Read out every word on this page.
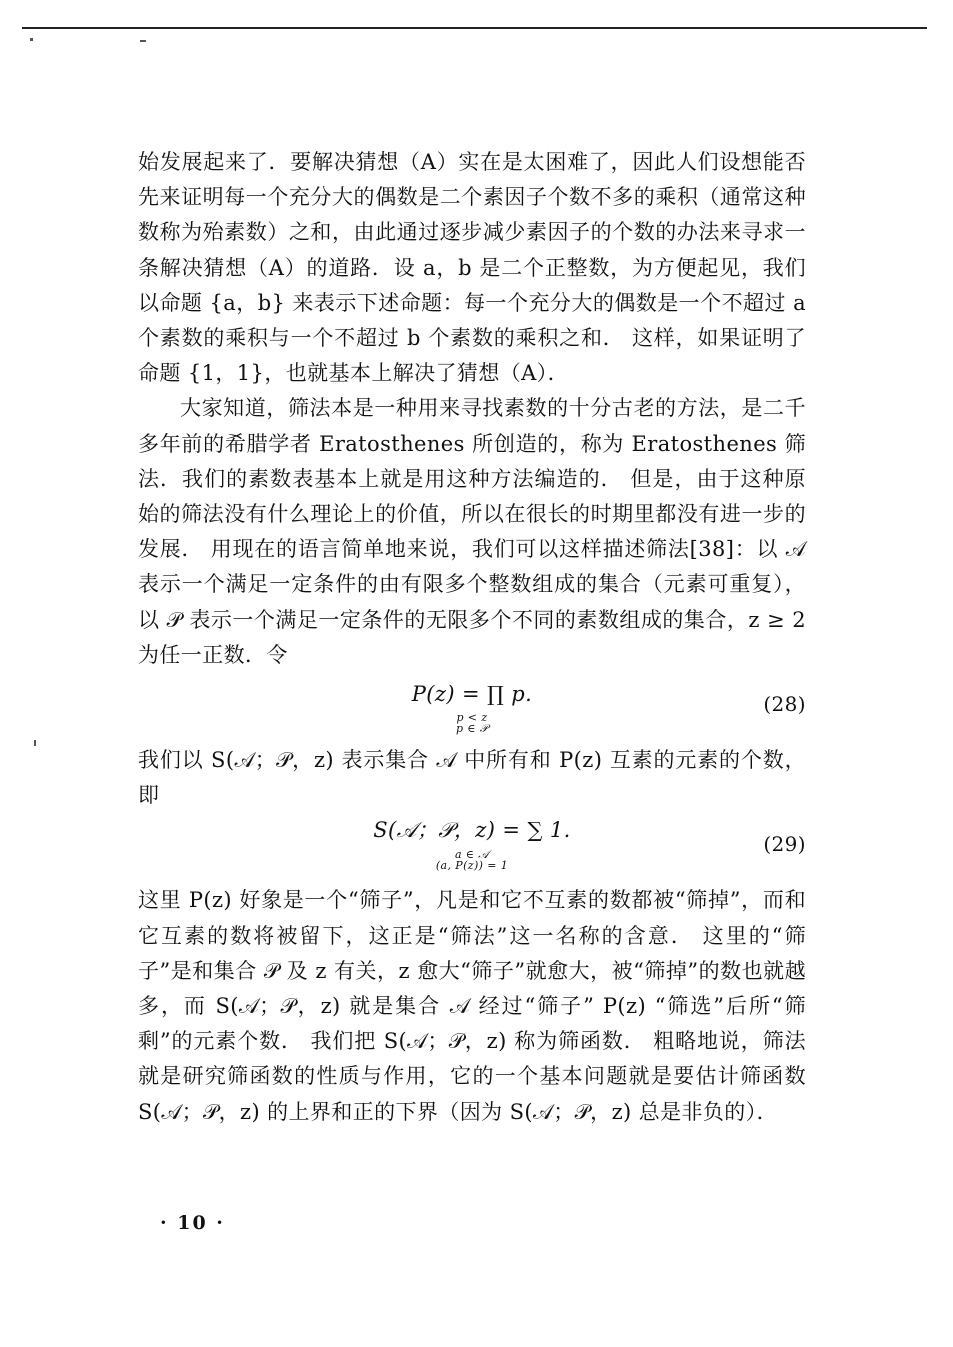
始发展起来了．要解决猜想（A）实在是太困难了，因此人们设想能否先来证明每一个充分大的偶数是二个素因子个数不多的乘积（通常这种数称为殆素数）之和，由此通过逐步减少素因子的个数的办法来寻求一条解决猜想（A）的道路．设 a，b 是二个正整数，为方便起见，我们以命题 {a，b} 来表示下述命题：每一个充分大的偶数是一个不超过 a 个素数的乘积与一个不超过 b 个素数的乘积之和． 这样，如果证明了命题 {1，1}，也就基本上解决了猜想（A）．

大家知道，筛法本是一种用来寻找素数的十分古老的方法，是二千多年前的希腊学者 Eratosthenes 所创造的，称为 Eratosthenes 筛法．我们的素数表基本上就是用这种方法编造的． 但是，由于这种原始的筛法没有什么理论上的价值，所以在很长的时期里都没有进一步的发展． 用现在的语言简单地来说，我们可以这样描述筛法[38]：以 𝒜 表示一个满足一定条件的由有限多个整数组成的集合（元素可重复），以 𝒫 表示一个满足一定条件的无限多个不同的素数组成的集合，z ≥ 2 为任一正数．令

P(z) = ∏ p.
p < z
p ∈ 𝒫
(28)

我们以 S(𝒜；𝒫，z) 表示集合 𝒜 中所有和 P(z) 互素的元素的个数，即

S(𝒜；𝒫，z) = ∑ 1.
a ∈ 𝒜
(a, P(z)) = 1
(29)

这里 P(z) 好象是一个“筛子”，凡是和它不互素的数都被“筛掉”，而和它互素的数将被留下，这正是“筛法”这一名称的含意． 这里的“筛子”是和集合 𝒫 及 z 有关，z 愈大“筛子”就愈大，被“筛掉”的数也就越多，而 S(𝒜；𝒫，z) 就是集合 𝒜 经过“筛子” P(z) “筛选”后所“筛剩”的元素个数． 我们把 S(𝒜；𝒫，z) 称为筛函数． 粗略地说，筛法就是研究筛函数的性质与作用，它的一个基本问题就是要估计筛函数 S(𝒜；𝒫，z) 的上界和正的下界（因为 S(𝒜；𝒫，z) 总是非负的）．

· 10 ·
